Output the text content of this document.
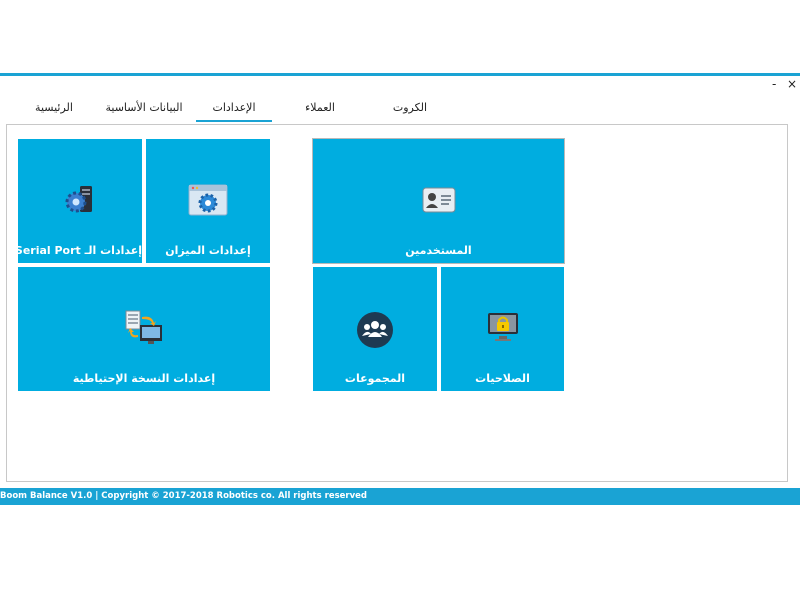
- ×
الرئيسية	البيانات الأساسية	الإعدادات	العملاء	الكروت
إعدادات الـ Serial Port	إعدادات الميزان	المستخدمين
إعدادات النسخة الإحتياطية	المجموعات	الصلاحيات
Boom Balance V1.0 | Copyright © 2017-2018 Robotics co. All rights reserved
